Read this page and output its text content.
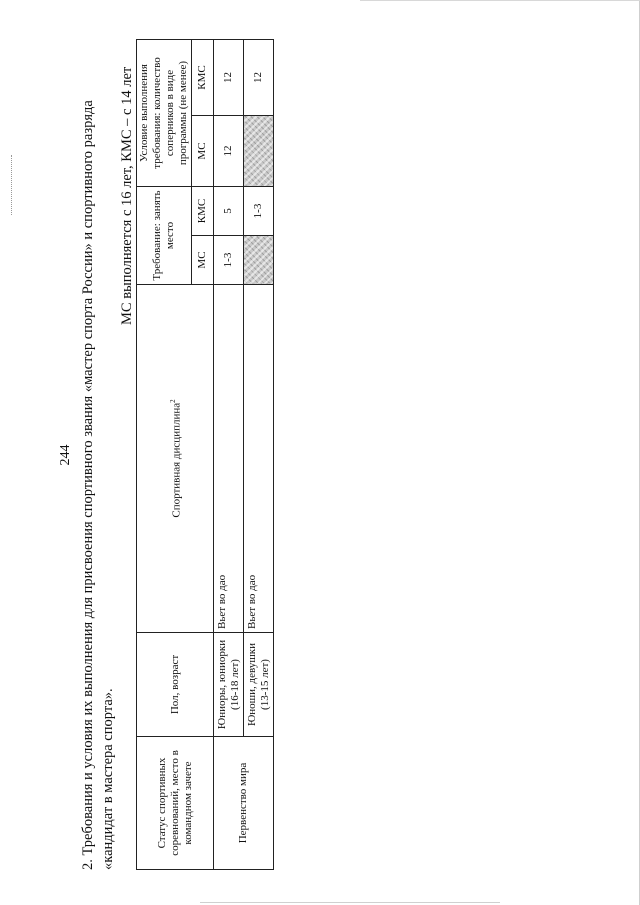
244 2. Требования и условия их выполнения для присвоения спортивного звания «мастер спорта России» и спортивного разряда «кандидат в мастера спорта».

МС выполняется с 16 лет, КМС – с 14 лет
Статус спортивных соревнований, место в командном зачете	Пол, возраст	Спортивная дисциплина$^2$	Требование: занять место		Условие выполнения требования: количество соперников в виде программы (не менее)	
			МС	КМС	МС	КМС
Первенство мира	Юниоры, юниорки (16-18 лет)	Вьет во дао	1-3	5	12	12
	Юноши, девушки (13-15 лет)	Вьет во дао		1-3		12
